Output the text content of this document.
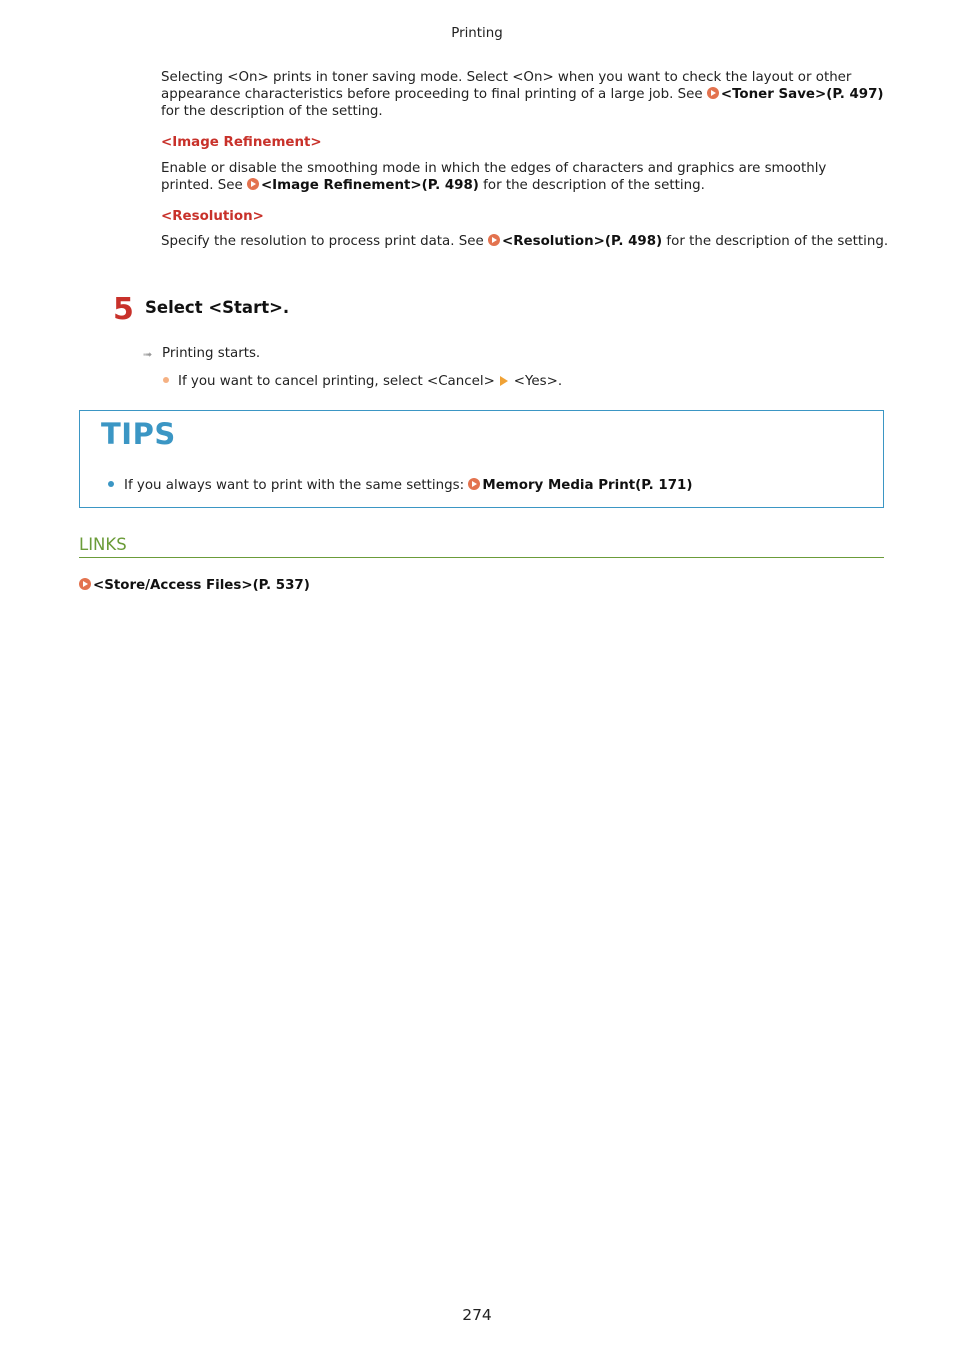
Printing
Selecting <On> prints in toner saving mode. Select <On> when you want to check the layout or other
appearance characteristics before proceeding to final printing of a large job. See <Toner Save>(P. 497)
for the description of the setting.
<Image Refinement>
Enable or disable the smoothing mode in which the edges of characters and graphics are smoothly
printed. See <Image Refinement>(P. 498) for the description of the setting.
<Resolution>
Specify the resolution to process print data. See <Resolution>(P. 498) for the description of the setting.
5 Select <Start>.
➟ Printing starts.
If you want to cancel printing, select <Cancel> <Yes>.
TIPS
If you always want to print with the same settings: Memory Media Print(P. 171)
LINKS
<Store/Access Files>(P. 537)
274
